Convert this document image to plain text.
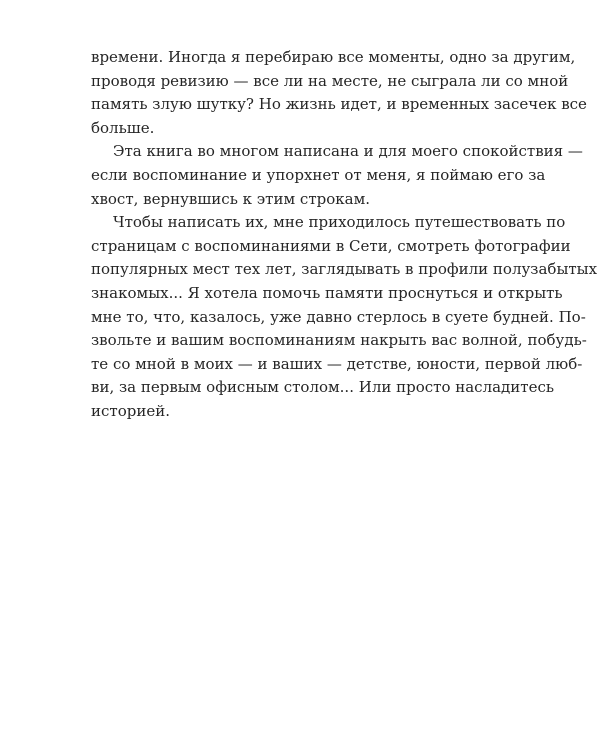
времени. Иногда я перебираю все моменты, одно за другим,
проводя ревизию — все ли на месте, не сыграла ли со мной
память злую шутку? Но жизнь идет, и временных засечек все
больше.
Эта книга во многом написана и для моего спокойствия —
если воспоминание и упорхнет от меня, я поймаю его за
хвост, вернувшись к этим строкам.
Чтобы написать их, мне приходилось путешествовать по
страницам с воспоминаниями в Сети, смотреть фотографии
популярных мест тех лет, заглядывать в профили полузабытых
знакомых... Я хотела помочь памяти проснуться и открыть
мне то, что, казалось, уже давно стерлось в суете будней. По-
звольте и вашим воспоминаниям накрыть вас волной, побудь-
те со мной в моих — и ваших — детстве, юности, первой люб-
ви, за первым офисным столом... Или просто насладитесь
историей.
